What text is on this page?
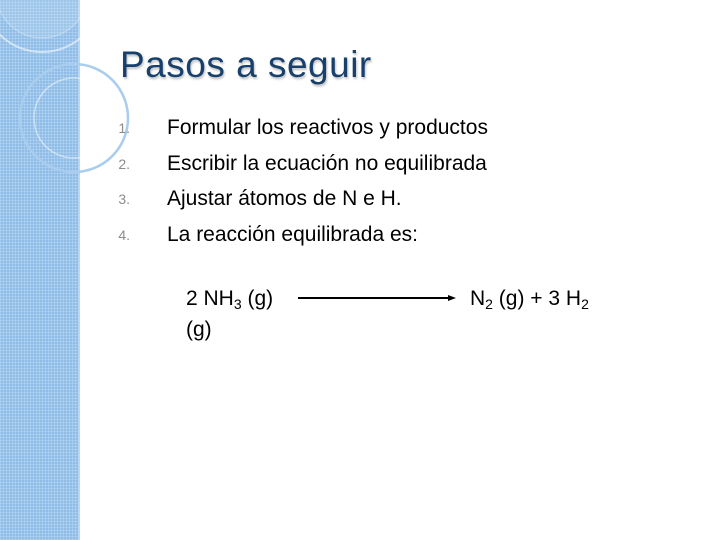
Pasos a seguir
1. Formular los reactivos y productos
2. Escribir la ecuación no equilibrada
3. Ajustar átomos de N e H.
4. La reacción equilibrada es:
2 $NH_3$ (g)
(g)
$N_2$ (g) + 3 $H_2$
